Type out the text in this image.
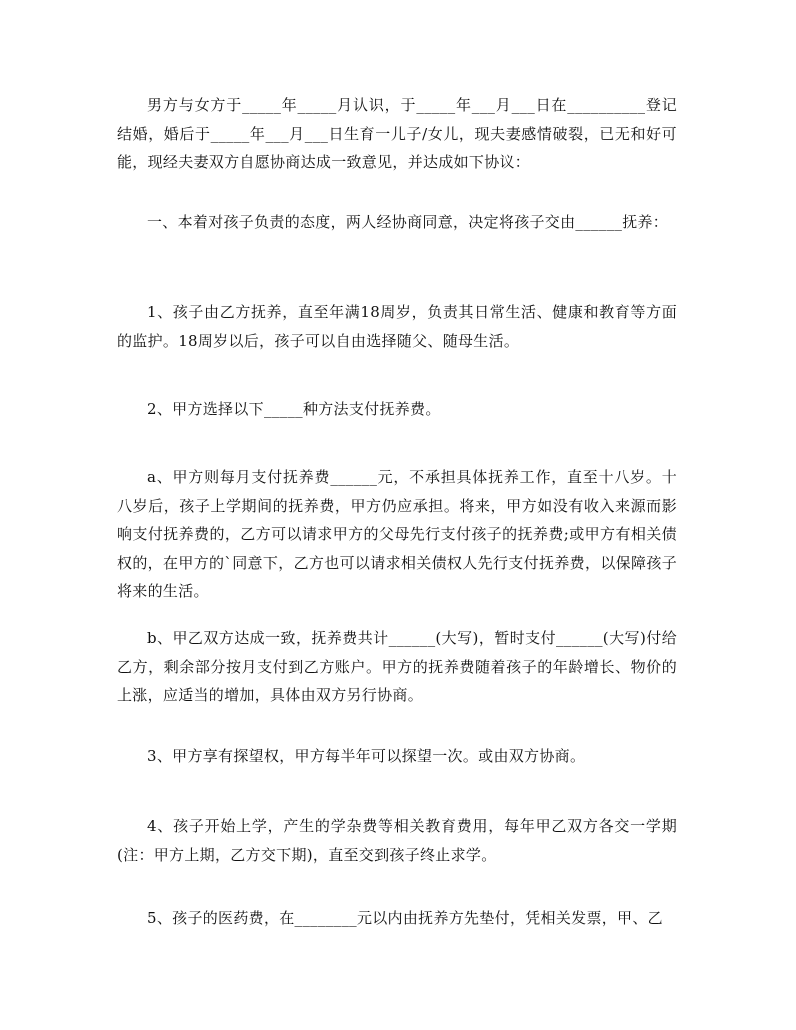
男方与女方于_____年_____月认识，于_____年___月___日在__________登记结婚，婚后于_____年___月___日生育一儿子/女儿，现夫妻感情破裂，已无和好可能，现经夫妻双方自愿协商达成一致意见，并达成如下协议：

一、本着对孩子负责的态度，两人经协商同意，决定将孩子交由______抚养：

1、孩子由乙方抚养，直至年满18周岁，负责其日常生活、健康和教育等方面的监护。18周岁以后，孩子可以自由选择随父、随母生活。

2、甲方选择以下_____种方法支付抚养费。

a、甲方则每月支付抚养费______元，不承担具体抚养工作，直至十八岁。十八岁后，孩子上学期间的抚养费，甲方仍应承担。将来，甲方如没有收入来源而影响支付抚养费的，乙方可以请求甲方的父母先行支付孩子的抚养费;或甲方有相关债权的，在甲方的`同意下，乙方也可以请求相关债权人先行支付抚养费，以保障孩子将来的生活。

b、甲乙双方达成一致，抚养费共计______(大写)，暂时支付______(大写)付给乙方，剩余部分按月支付到乙方账户。甲方的抚养费随着孩子的年龄增长、物价的上涨，应适当的增加，具体由双方另行协商。

3、甲方享有探望权，甲方每半年可以探望一次。或由双方协商。

4、孩子开始上学，产生的学杂费等相关教育费用，每年甲乙双方各交一学期(注：甲方上期，乙方交下期)，直至交到孩子终止求学。

5、孩子的医药费，在________元以内由抚养方先垫付，凭相关发票，甲、乙
